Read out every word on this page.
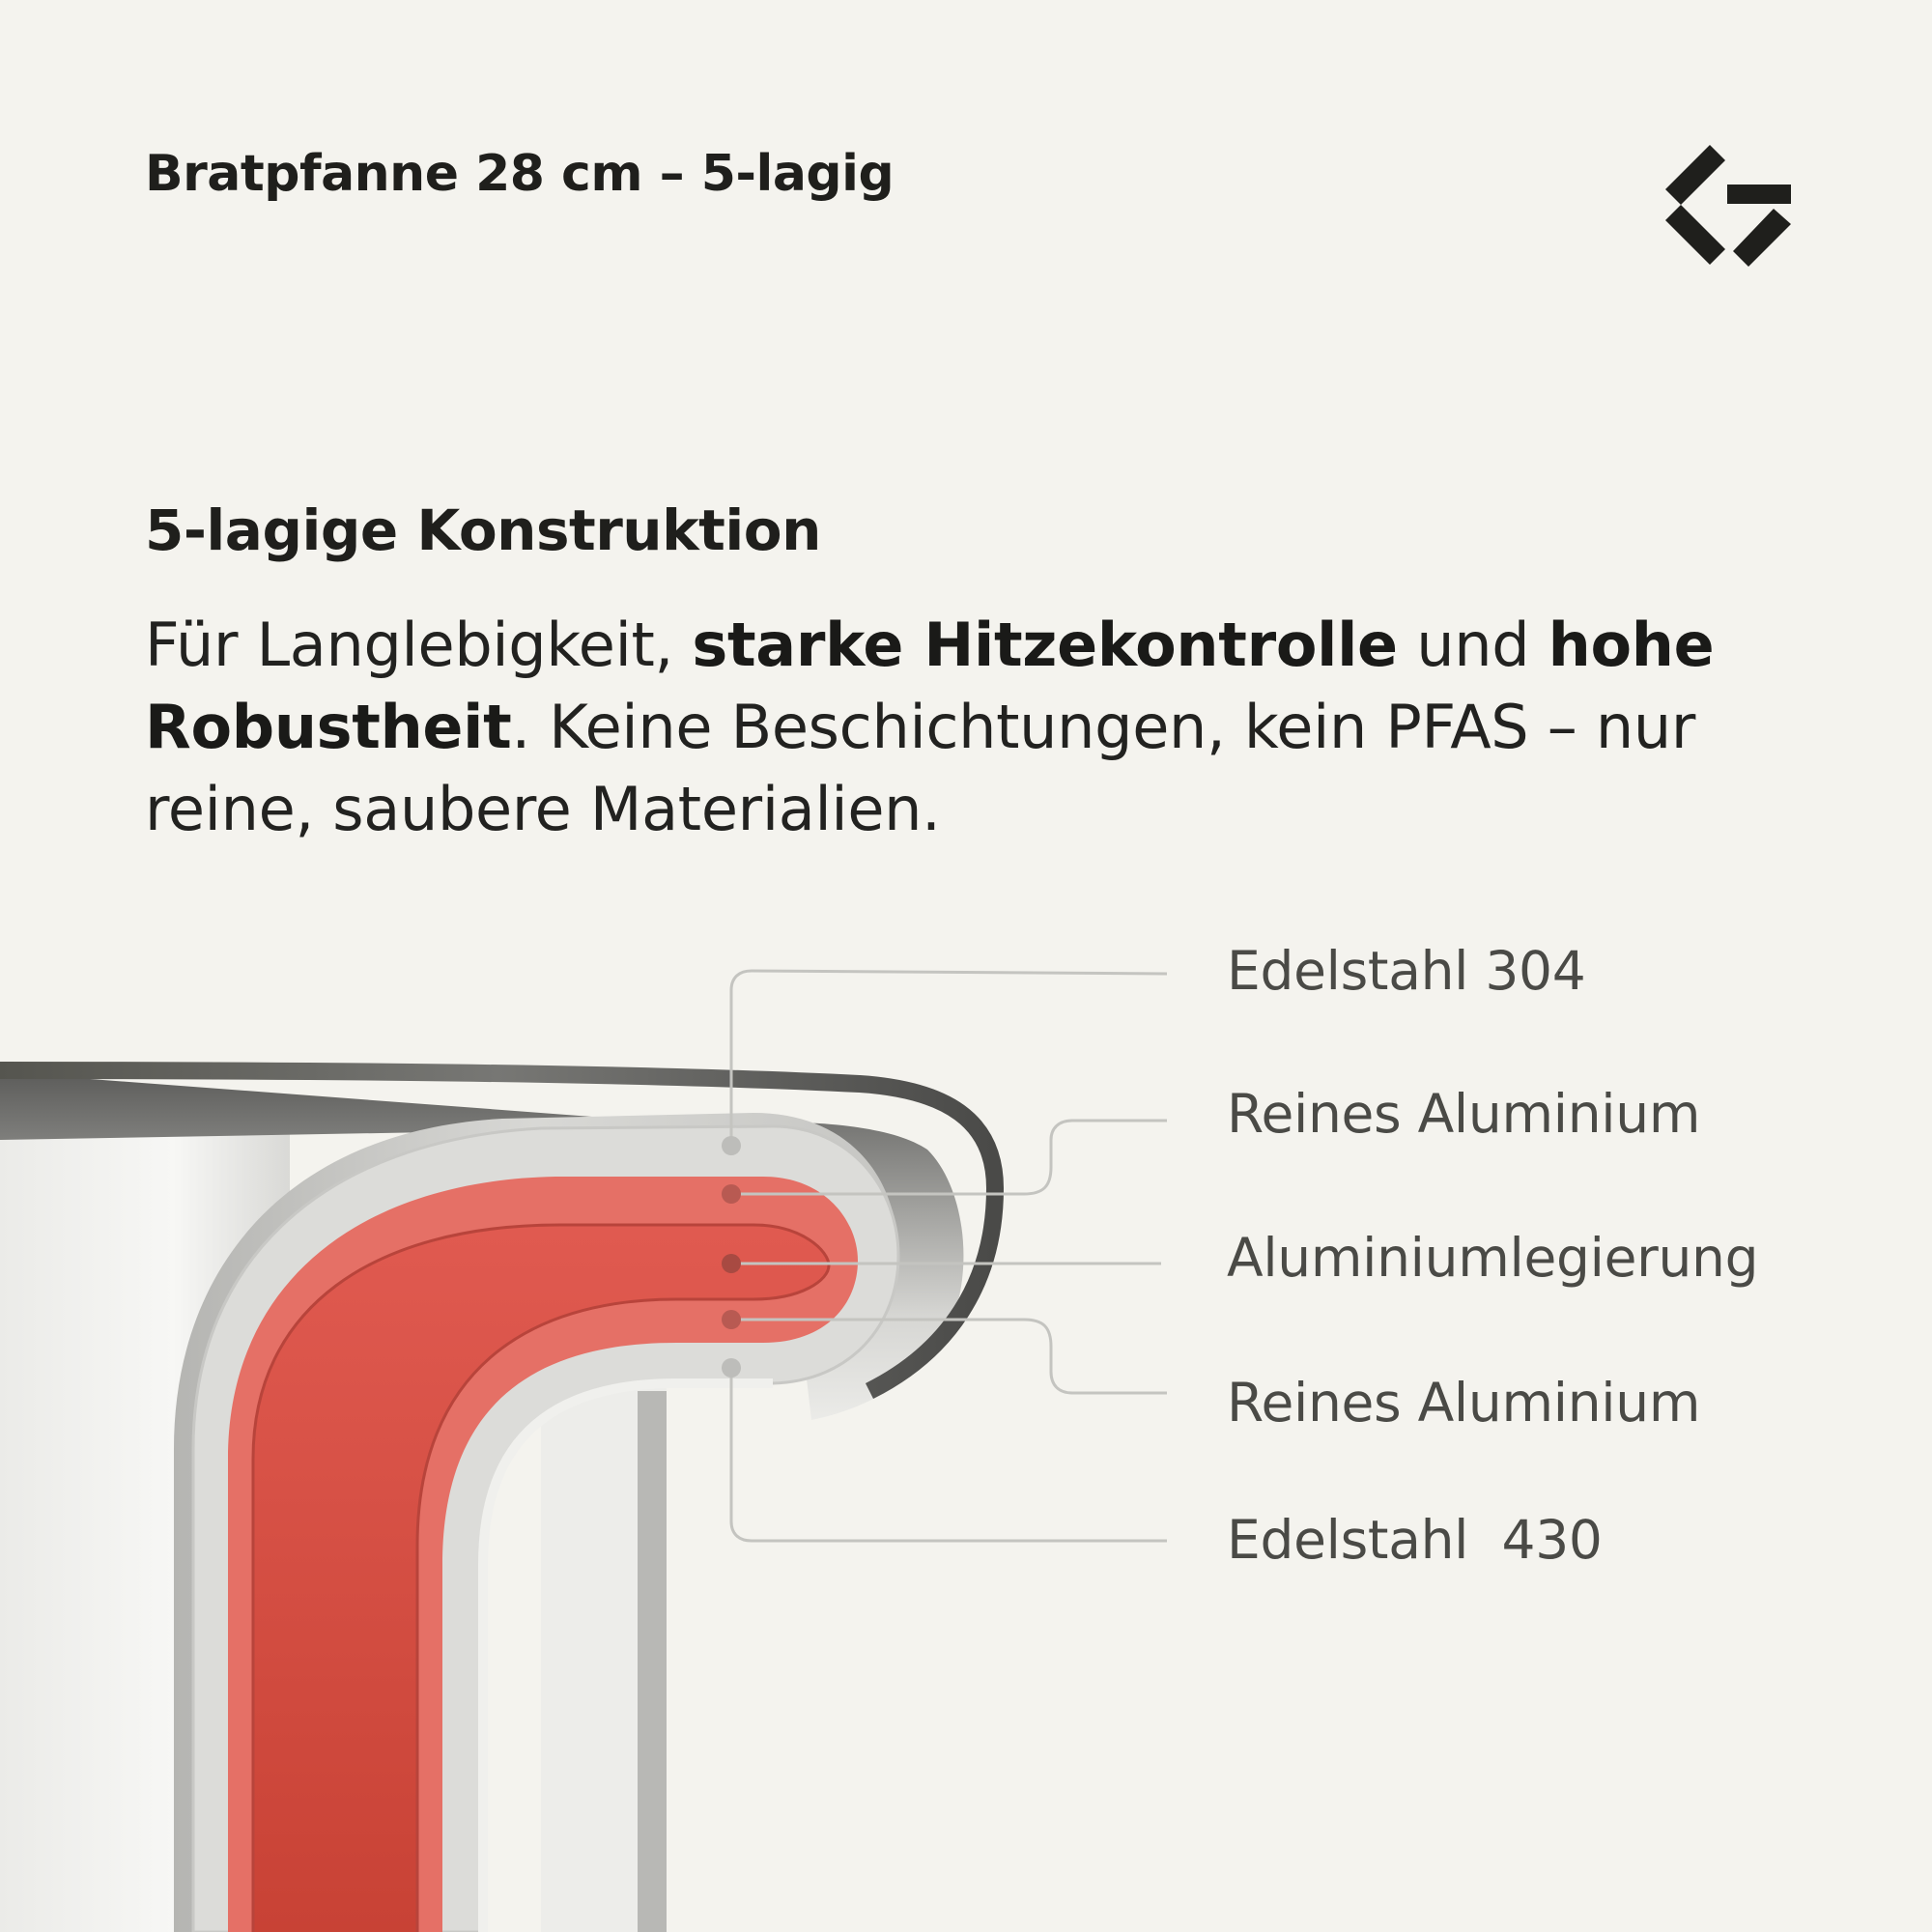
Bratpfanne 28 cm – 5-lagig
5-lagige Konstruktion
Für Langlebigkeit, starke Hitzekontrolle und hohe Robustheit. Keine Beschichtungen, kein PFAS – nur reine, saubere Materialien.
Edelstahl 304
Reines Aluminium
Aluminiumlegierung
Reines Aluminium
Edelstahl  430
